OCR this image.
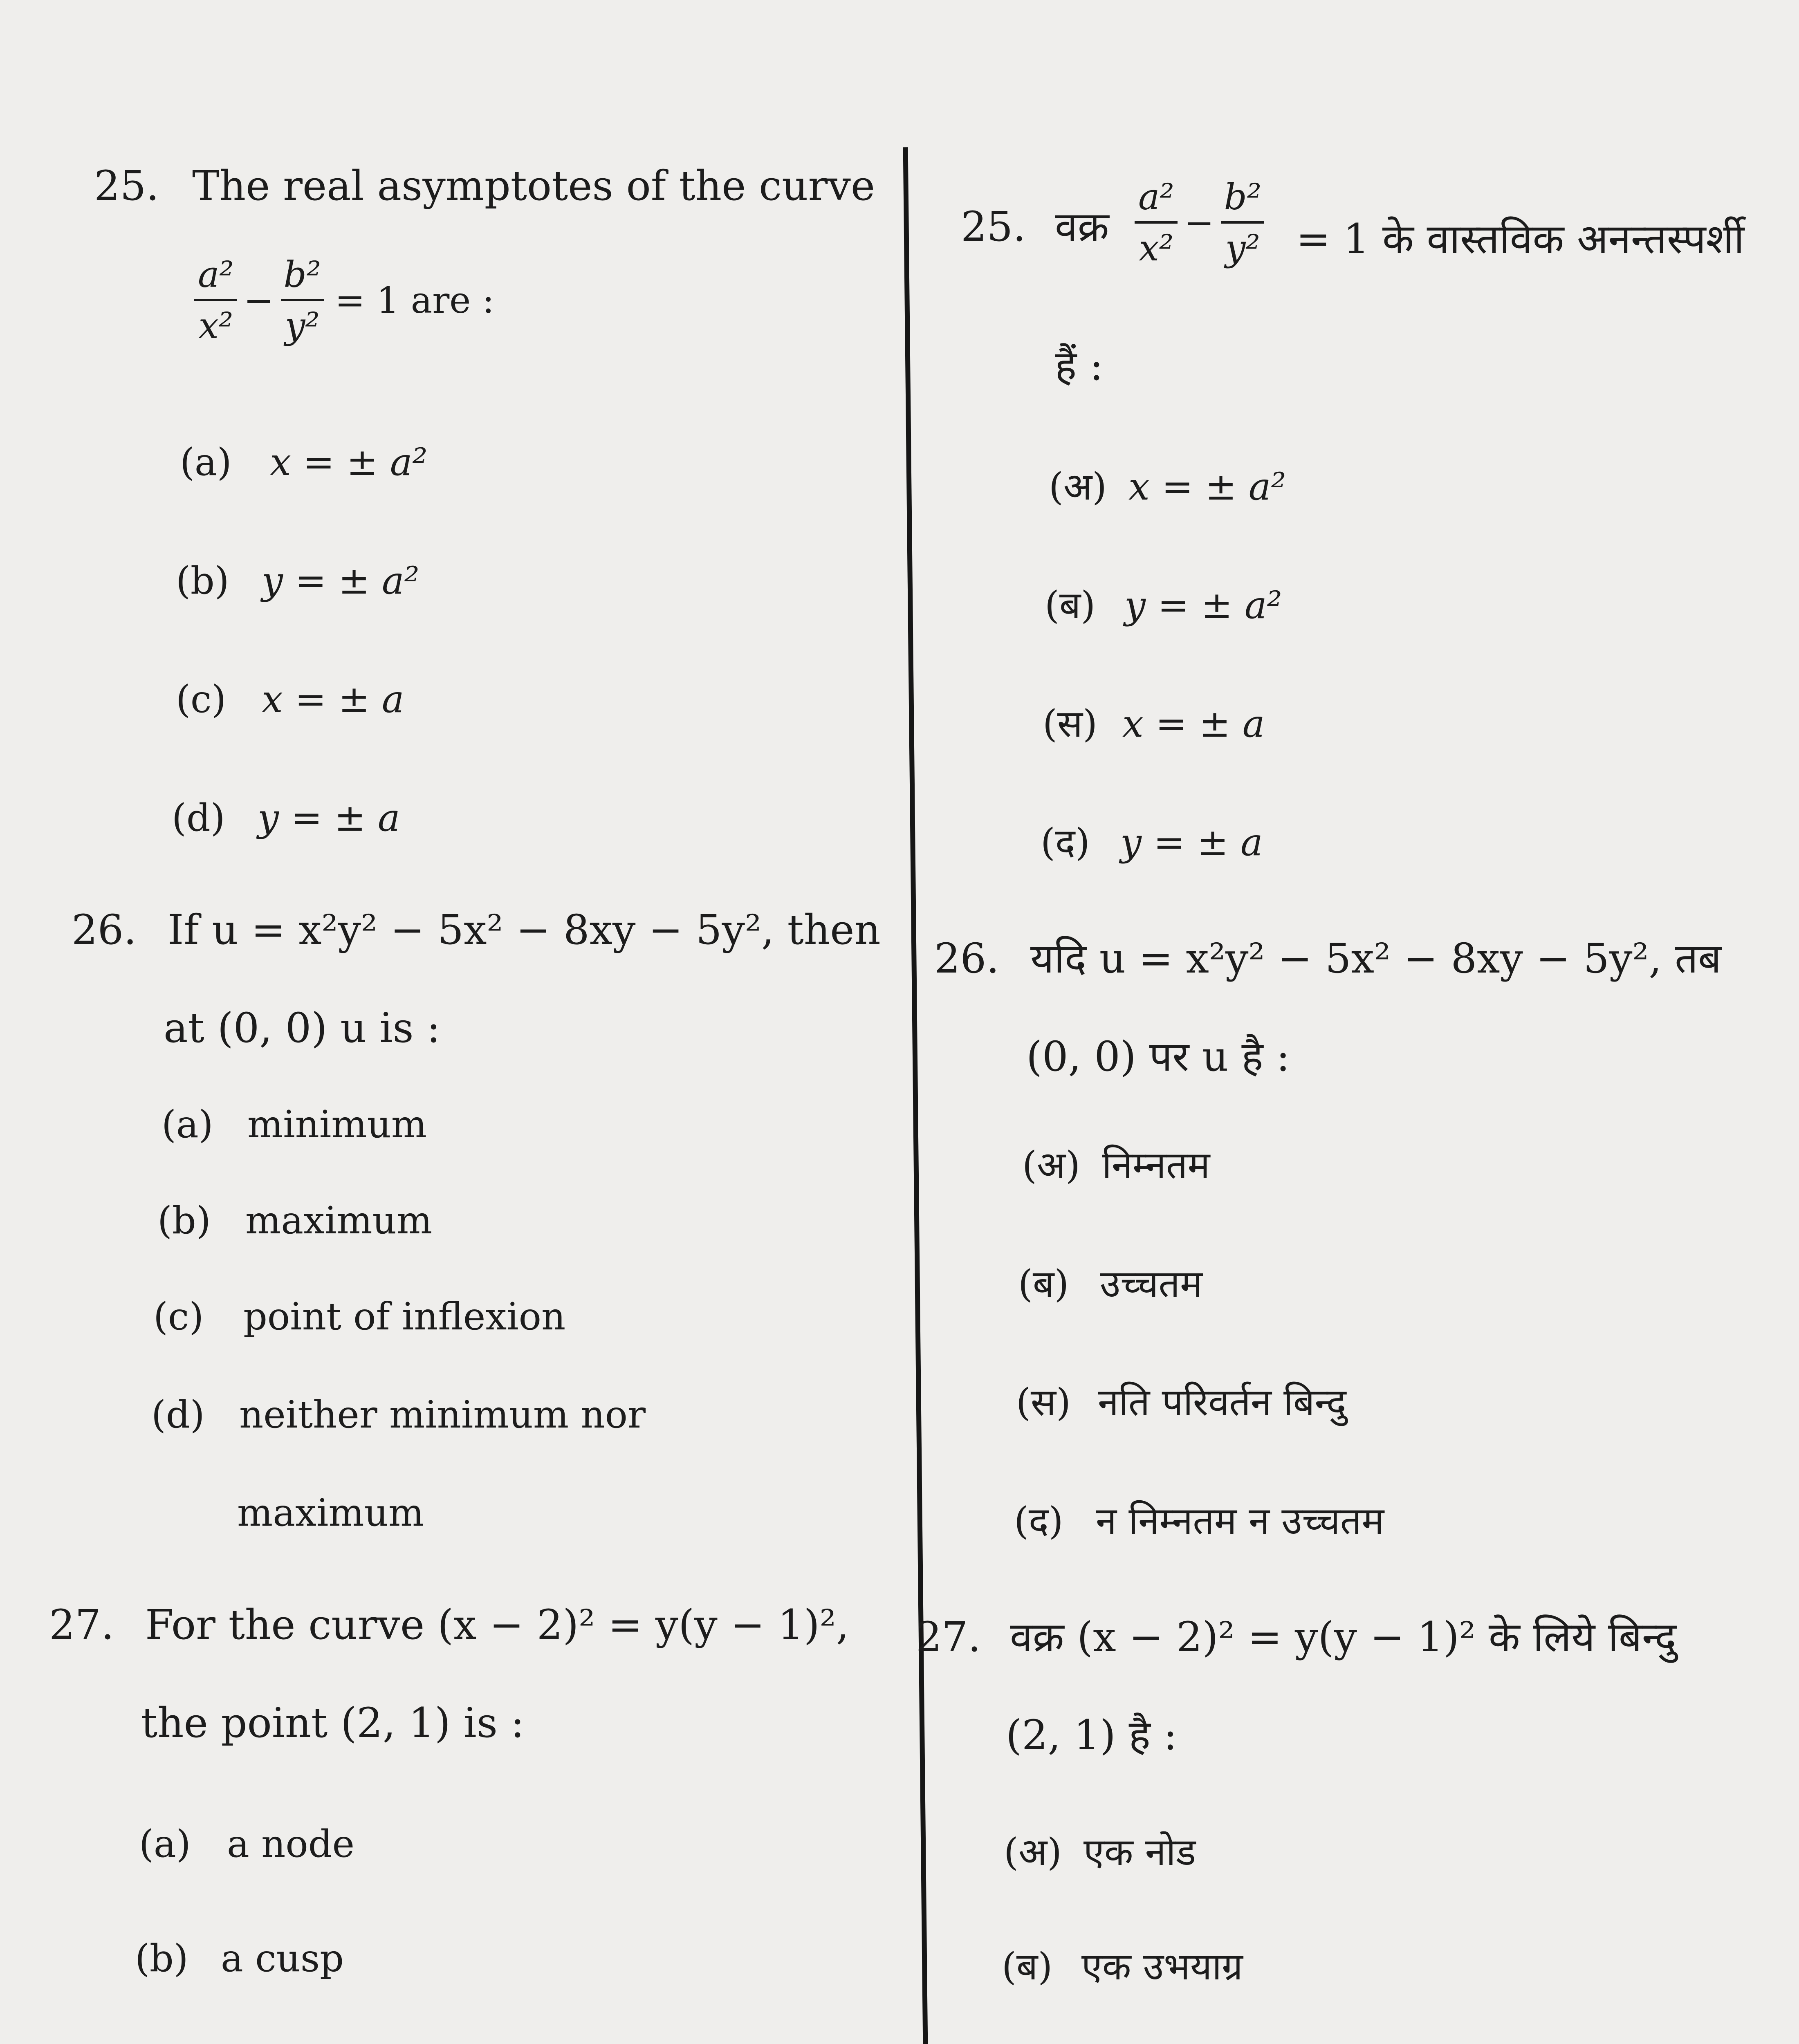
25. The real asymptotes of the curve
$\frac{\text{a²}}{\text{x²}} - \frac{\text{b²}}{\text{y²}} = 1$ are :
(a) x = ± a²
(b) y = ± a²
(c) x = ± a
(d) y = ± a
26. If u = x²y² − 5x² − 8xy − 5y², then
at (0, 0) u is :
(a) minimum
(b) maximum
(c) point of inflexion
(d) neither minimum nor
maximum
27. For the curve (x − 2)² = y(y − 1)²,
the point (2, 1) is :
(a) a node
(b) a cusp
25. वक्र $\frac{\text{a²}}{\text{x²}} - \frac{\text{b²}}{\text{y²}} = 1$ के वास्तविक अनन्तस्पर्शी
हैं :
(अ) x = ± a²
(ब) y = ± a²
(स) x = ± a
(द) y = ± a
26. यदि u = x²y² − 5x² − 8xy − 5y², तब
(0, 0) पर u है :
(अ) निम्नतम
(ब) उच्चतम
(स) नति परिवर्तन बिन्दु
(द) न निम्नतम न उच्चतम
27. वक्र (x − 2)² = y(y − 1)² के लिये बिन्दु
(2, 1) है :
(अ) एक नोड
(ब) एक उभयाग्र
